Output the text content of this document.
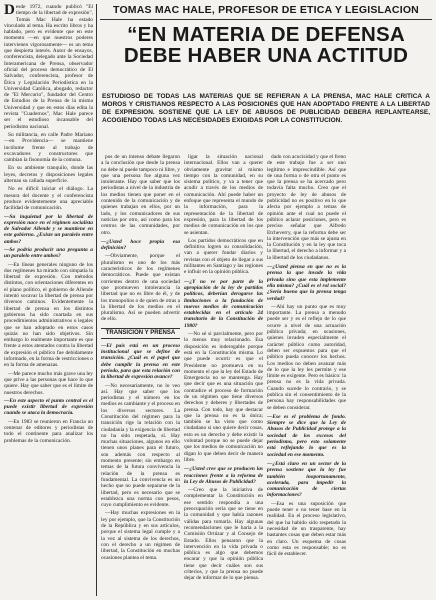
D esde 1972, cuando publicó "El tiempo de la libertad de expresión", Tomás Mac Hale ha estado vinculado al tema. Ha escrito libros y ha hablado, pero es evidente que en este momento —en que nuestros poderes intervienen vigorosamente— es un tema que despierta interés. Autor de ensayos, conferencista, delegado ante la Sociedad Interamericana de Prensa, observador oficial del proceso democrático de El Salvador, conferencista, profesor de Ética y Legislación Periodística en la Universidad Católica, abogado, redactor de "El Mercurio", fundador del Centro de Estudios de la Prensa de la misma Universidad y que en estos días edita la revista "Cuadernos", Mac Hale parece ser el estudioso incansable del periodismo nacional.

Su militancia, en calle Padre Mariano —en Providencia— se mantiene incólume frente al trabajo de excavadores y constructores que cambian la fisonomía de la comuna.

En su ambiente tranquilo, donde las leyes, decretos y disposiciones legales alternan su callada superficie.

No es difícil iniciar el diálogo. La mesura del docente y el conferencista produce evidentemente una apreciable facilidad de comunicación.

—Su inquietud por la libertad de expresión nace en el régimen socialista de Salvador Allende y se mantiene en este gobierno. ¿Existe un paralelo entre ambos?

—Se podría producir una pregunta a un paralelo entre ambos?

—En líneas generales ninguno de los dos regímenes ha mirado con simpatía la libertad de expresión. Con métodos distintos, con orientaciones diferentes en el plano político, el gobierno de Allende intentó socavar la libertad de prensa por diversos caminos. Evidentemente la libertad de prensa en los distintos gobiernos ha sido coartada en sus procedimientos administrativos o legales que se han adoptado en estos casos quizás no han sido objetivos. Sin embargo lo realmente importante es que frente a estos atentados contra la libertad de expresión el público fue debidamente informado, en la forma de restricciones o en la forma de amenazas.

—Me parece mucho más grave una ley que prive a las personas que hace lo que quiere. Hay que saber que es el límite de nuestros derechos.

—En este aspecto el punto central es el puede existir libertad de expresión cuando se ataca la democracia.

—En 1983 se reunieron en Francia un centenar de editores y periodistas de todo el continente para analizar los problemas de la comunicación.

TOMAS MAC HALE, PROFESOR DE ETICA Y LEGISLACION
“EN MATERIA DE DEFENSA
DEBE HABER UNA ACTITUD
ESTUDIOSO DE TODAS LAS MATERIAS QUE SE REFIERAN A LA PRENSA, MAC HALE CRITICA A MOROS Y CRISTIANOS RESPECTO A LAS POSICIONES QUE HAN ADOPTADO FRENTE A LA LIBERTAD DE EXPRESION. SOSTIENE QUE LA LEY DE ABUSOS DE PUBLICIDAD DEBERA REPLANTEARSE, ACOGIENDO TODAS LAS NECESIDADES EXIGIDAS POR LA CONSTITUCION.

pos de un intenso debate llegaron a la conclusión que desde la prensa no debe ni puede tampoco ni libre, y que una persona fue alguna vez intolerante. Hay que saber que los periodistas a nivel de la industria de los medios tienen que poner en el contenido de la comunicación y de quienes trabajan en ellos, por un lado, y los comunicadores de sus noticias por otro, así como para los centros de las comunidades, por otro.

—¿Usted hoce propia esa definición?

—Obviamente, porque el pluralismo es uno de los más característicos de los regímenes democráticos. Puede que existan corrientes dentro de una sociedad que promueven intolerancia la libertad que no es libre de él, y de los monopolios o de quien de otras a la libertad de los medios en el pluralismo. Así se pueden advertir de ello.

TRANSICION Y PRENSA

—El país está en un proceso institucional que se define de transición. ¿Cuál es el papel que debe cumplir la prensa en este período, para que esta relación con la libertad de expresión avance?

—No necesariamente, no lo veo así. Hay que saber que los periodistas y el número en los medios es cambiante y el proceso en los diversos sectores. La Constitución del régimen para la transición rige la relación con la ciudadanía y la exigencia de libertad no ha sido respetada, sí. Hay muchas situaciones, algunos en ello tienen unos planes para el futuro, son además con respecto al momento presente; sin embargo en temas de la futura convivencia la relación de la prensa es fundamental. La convivencia es un hecho que no puede separarse de la libertad, pero es necesario que se establezca una norma con pesos, cuyo cumplimiento es evidente.

—Hay muchas expresiones en la ley por ejemplo, que la Constitución de la República y en sus artículos, porque el sistema legal cumple y a la vez al sistema de los derechos, con el derecho a un régimen de libertad, la Constitución en muchas ocasiones plantea el tema.

ligar la situación nacional internacional. Ellos van a querer obviamente gravitar al mismo tiempo con la comunidad, en su sistema político, y va a tener que acudir a través de los medios de comunicación. Ahí puede haber un enfoque que representa el mundo de la información, para la representación de la libertad de expresión, para la libertad de los medios de comunicación en los que se asientan.

Los partidos democráticos que en definitiva logren su consolidación, van a querer fundar diarios y revistas con el objeto de llegar a sus militantes en Santiago y las regiones e influir en la opinión pública.

—¿Y no ve por parte de la apropiación de la ley de partidos políticos, deberían derogarse las limitaciones a la fundación de nuevos medios de comunicación establecidas en el artículo 24 transitorio de la Constitución de 1980?

—No sé si parcialmente, pero por lo menos muy relacionado. Esa disposición es inderogable porque está en la Constitución misma. Lo que puede ocurrir es que el Presidente no promueva en su momento el que la ley del Estado de Emergencia no se mantenga. Hay que decir que es una situación que contradice el proceso de formación de un régimen que tiene diversos derechos y deberes y libertades de prensa. Con todo, hay que destacar que la prensa no es la única; también se ha visto que como ciudadano si uno quiere decir cosas, esto es un derecho y debe existir la voluntad porque no se puede dejar que los medios de comunicación no digan lo que deben decir de manera libre.

—¿Usted cree que se producen las reacciones frente a la reforma de la Ley de Abusos de Publicidad?

—Creo que la iniciativa de complementar la Constitución en ese sentido respondía a una preocupación seria que se tiene en la comunidad y que había razones válidas para tomarla. Hay algunas recomendaciones que le haría a la Comisión Ortúzar y al Consejo de Estado. Ellos pensaron que la intervención en la vida privada o pública es algo que debemos encarar y que la opinión pública tiene que decir cuáles son sus criterios, y que la prensa no puede dejar de informar de lo que piensa.

dado con acucisidad y que el freno de este trabajo fue a ser uno legítimo e imprescindible. Así que de una forma o de otra el punto es que la prensa se ha acercado pero todavía falta mucho. Creo que el proyecto de ley de abusos de publicidad no es positivo en lo que afecta por ejemplo a temas de opinión ante el cual no puede el público aclarar posiciones, pero es preciso señalar que Alfredo Etcheverry, que la reforma debe ser la intervención que más se ajusta en la Constitución y en la ley que toca la libertad, el derecho a informar y a la libertad de los ciudadanos.

—¿Usted piensa en que no es la prensa la que invade la vida privada sino que esta implemente ella misma? ¿Cuál es el rol social? ¿Sería bueno que la prensa tenga verdad?

—Ahí hay un punto que es muy importante. La prensa a menudo puede ser y es el reflejo de lo que ocurre a nivel de una actuación pública privada; en ocasiones, quienes invaden especialmente el carácter público como autoridad, deben ser expuestos para que el público pueda conocer los hechos. Los medios no deben avanzar más de lo que la ley les permite y ese límite es exigente. Pero es básico: la prensa no es la vida privada. Cuando sucede lo contrario, y se publica sin el consentimiento de la persona hay responsabilidades que se deben considerar.

—Ese es el problema de fondo. Siempre se dice que la Ley de Abusos de Publicidad protege a la sociedad de los excesos del periodismo, pero esto solamente está reflejando lo que es la sociedad en ese momento.

—¿Está claro en un sector de la prensa sostiene que la ley fue también inoportunamente, acelerada, para impedir la comunicación de ciertas informaciones?

—Esa es una suposición que puede tener o no tener base en la realidad. En el proceso legislativo, del que ha habido sido respetado la necesidad de un trasparente, hay bastantes cosas que deben estar más en claro. Un esquema de cosas como esta es responsable; no es fácil de establecer.
